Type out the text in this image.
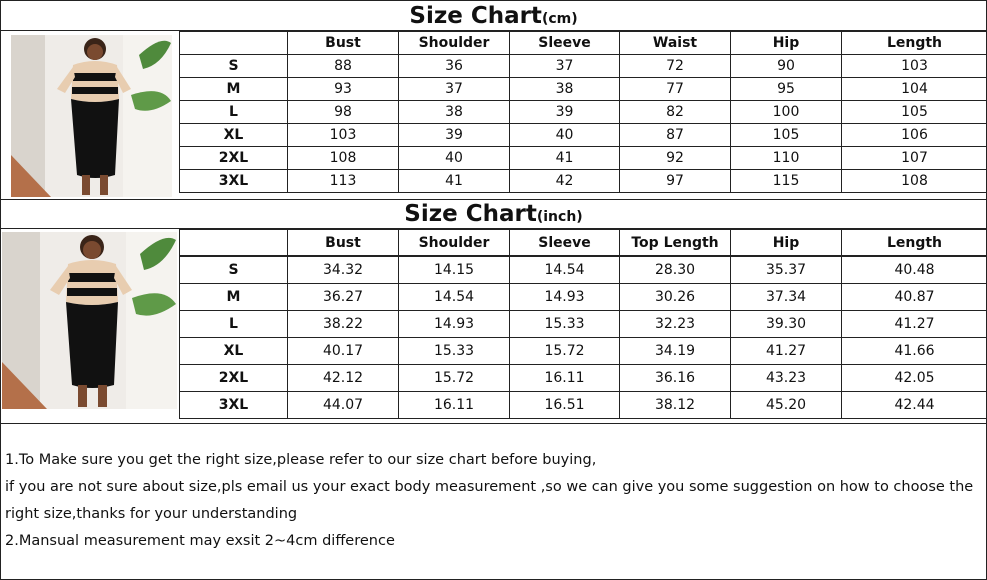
Size Chart(cm)
	Bust	Shoulder	Sleeve	Waist	Hip	Length
S	88	36	37	72	90	103
M	93	37	38	77	95	104
L	98	38	39	82	100	105
XL	103	39	40	87	105	106
2XL	108	40	41	92	110	107
3XL	113	41	42	97	115	108
Size Chart(inch)
	Bust	Shoulder	Sleeve	Top Length	Hip	Length
S	34.32	14.15	14.54	28.30	35.37	40.48
M	36.27	14.54	14.93	30.26	37.34	40.87
L	38.22	14.93	15.33	32.23	39.30	41.27
XL	40.17	15.33	15.72	34.19	41.27	41.66
2XL	42.12	15.72	16.11	36.16	43.23	42.05
3XL	44.07	16.11	16.51	38.12	45.20	42.44
1.To Make sure you get the right size,please refer to our size chart before buying,
if you are not sure about size,pls email us your exact body measurement ,so we can give you some suggestion on how to choose the
right size,thanks for your understanding
2.Mansual measurement may exsit 2~4cm difference
